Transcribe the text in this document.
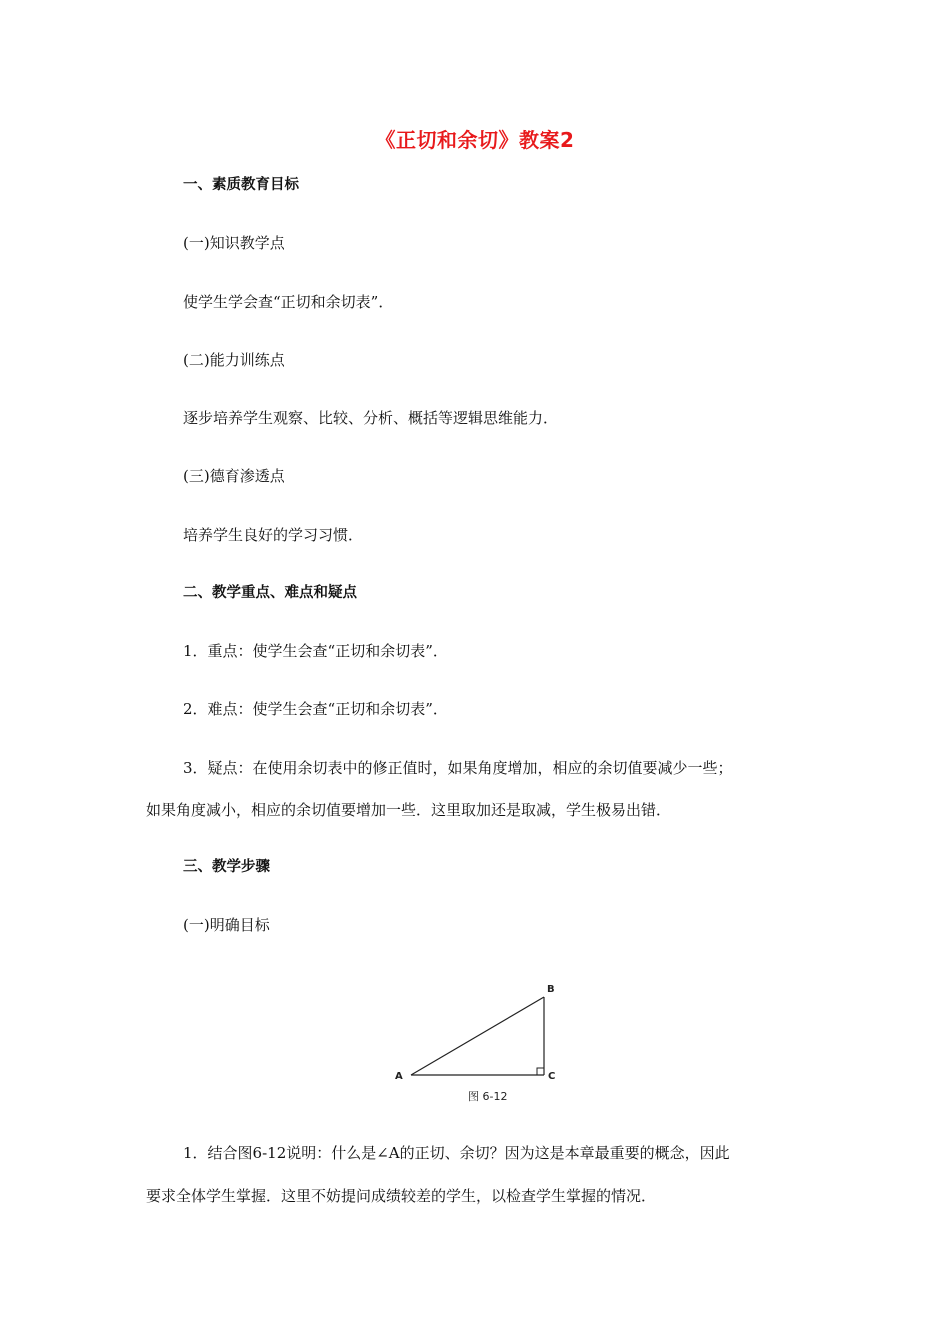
《正切和余切》教案2
一、素质教育目标
(一)知识教学点
使学生学会查“正切和余切表”．
(二)能力训练点
逐步培养学生观察、比较、分析、概括等逻辑思维能力．
(三)德育渗透点
培养学生良好的学习习惯．
二、教学重点、难点和疑点
1．重点：使学生会查“正切和余切表”．
2．难点：使学生会查“正切和余切表”．
3．疑点：在使用余切表中的修正值时，如果角度增加，相应的余切值要减少一些；
如果角度减小，相应的余切值要增加一些．这里取加还是取减，学生极易出错．
三、教学步骤
(一)明确目标
A
B
C
图 6-12
1．结合图6-12说明：什么是∠A的正切、余切？因为这是本章最重要的概念，因此
要求全体学生掌握．这里不妨提问成绩较差的学生，以检查学生掌握的情况．
